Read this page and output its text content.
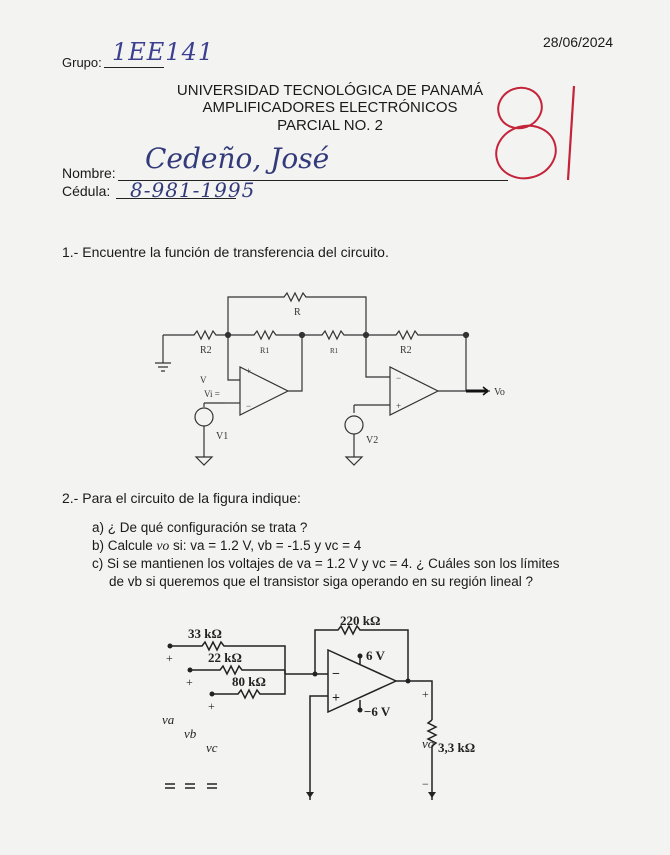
28/06/2024
Grupo: 1EE141
UNIVERSIDAD TECNOLÓGICA DE PANAMÁ
AMPLIFICADORES ELECTRÓNICOS
PARCIAL NO. 2
Nombre: Cedeño, José
Cédula: 8-981-1995
1.- Encuentre la función de transferencia del circuito.
R
R2	R1	R1	R2
+
−
−
+
V
Vi =
V1	V2
Vo
2.- Para el circuito de la figura indique:
a) ¿ De qué configuración se trata ?
b) Calcule vo si: va = 1.2 V, vb = -1.5 y vc = 4
c) Si se mantienen los voltajes de va = 1.2 V y vc = 4. ¿ Cuáles son los límites
de vb si queremos que el transistor siga operando en su región lineal ?
33 kΩ
22 kΩ
80 kΩ
220 kΩ
6 V
−6 V
3,3 kΩ
−
+
+
+
+
+
−
va
vb
vc	vo
